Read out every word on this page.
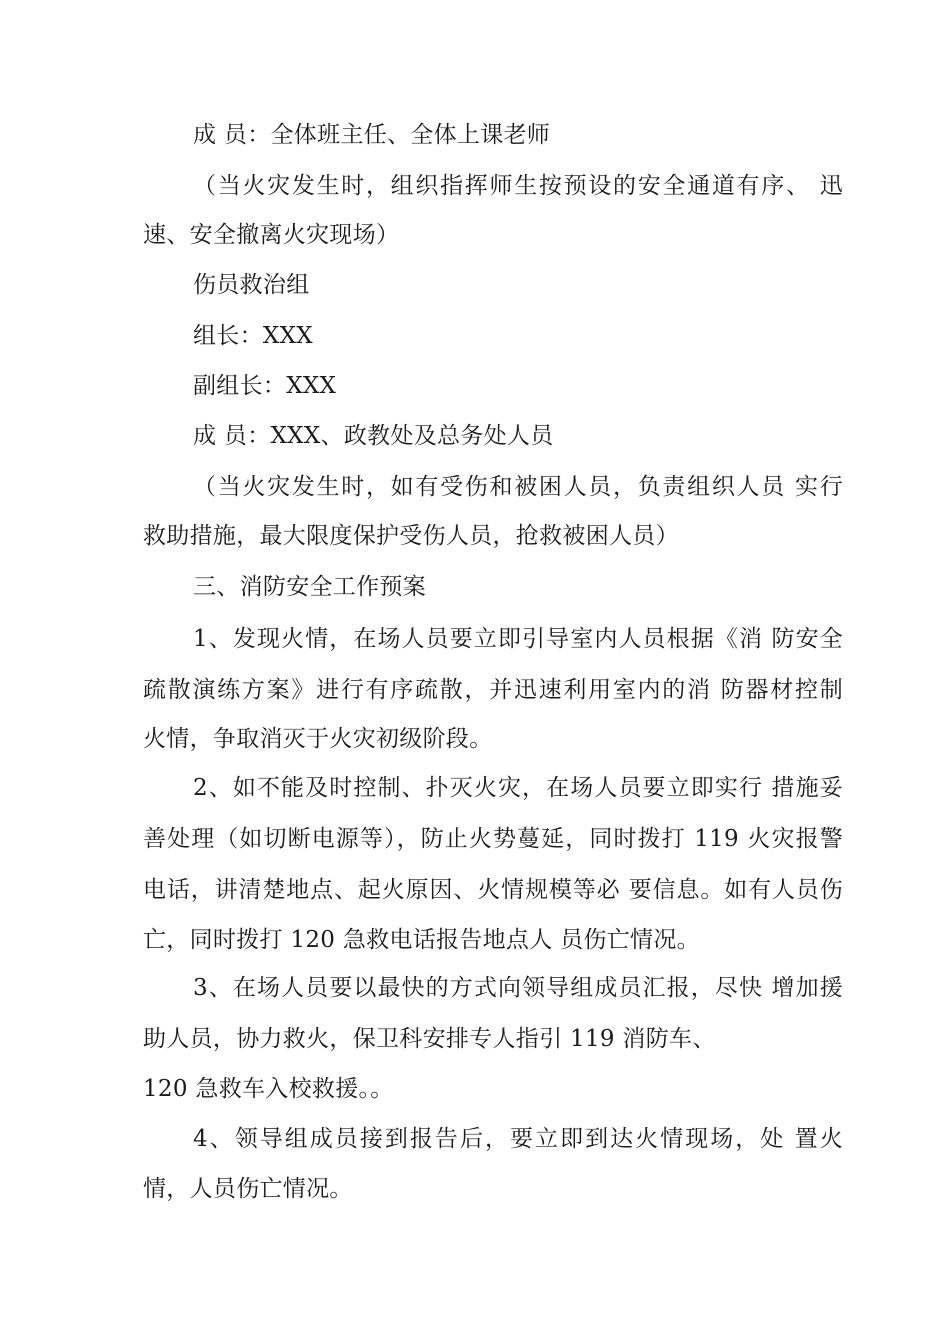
成 员：全体班主任、全体上课老师
（当火灾发生时，组织指挥师生按预设的安全通道有序、 迅
速、安全撤离火灾现场）
伤员救治组
组长：XXX
副组长：XXX
成 员：XXX、政教处及总务处人员
（当火灾发生时，如有受伤和被困人员，负责组织人员 实行
救助措施，最大限度保护受伤人员，抢救被困人员）
三、消防安全工作预案
1、发现火情，在场人员要立即引导室内人员根据《消 防安全
疏散演练方案》进行有序疏散，并迅速利用室内的消 防器材控制
火情，争取消灭于火灾初级阶段。
2、如不能及时控制、扑灭火灾，在场人员要立即实行 措施妥
善处理（如切断电源等），防止火势蔓延，同时拨打 119 火灾报警
电话，讲清楚地点、起火原因、火情规模等必 要信息。如有人员伤
亡，同时拨打 120 急救电话报告地点人 员伤亡情况。
3、在场人员要以最快的方式向领导组成员汇报，尽快 增加援
助人员，协力救火，保卫科安排专人指引 119 消防车、
120 急救车入校救援。。
4、领导组成员接到报告后，要立即到达火情现场，处 置火
情，人员伤亡情况。
